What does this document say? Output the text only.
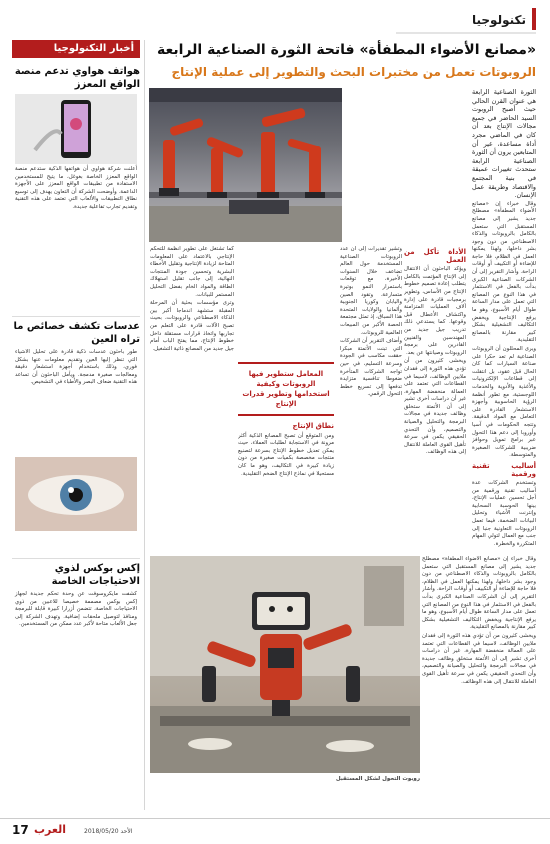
تكنولوجيا
«مصانع الأضواء المطفأة» فاتحة الثورة الصناعية الرابعة
الروبوتات تعمل من مختبرات البحث والتطوير إلى عملية الإنتاج

الثورة الصناعية الرابعة هي عنوان القرن الحالي حيث أصبح الروبوت السيد الحاضر في جميع مجالات الإنتاج بعد أن كان في الماضي مجرد أداة مساعدة، غير أن المتابعين يرون أن الثورة الصناعية الرابعة ستحدث تغييرات عميقة في بنية المجتمع والاقتصاد وطريقة عمل الإنسان.

وقال خبراء إن «مصانع الأضواء المطفأة» مصطلح جديد يشير إلى مصانع المستقبل التي ستعمل بالكامل بالروبوتات والذكاء الاصطناعي من دون وجود بشر داخلها، ولهذا يمكنها العمل في الظلام، فلا حاجة للإضاءة أو التكييف أو أوقات الراحة. وأشار التقرير إلى أن الشركات الصناعية الكبرى بدأت بالفعل في الاستثمار في هذا النوع من المصانع التي تعمل على مدار الساعة طوال أيام الأسبوع، وهو ما يرفع الإنتاجية ويخفض التكاليف التشغيلية بشكل كبير مقارنة بالمصانع التقليدية.

ويرى المحللون أن الروبوتات الصناعية لم تعد حكرا على صناعة السيارات كما كان الحال قبل عقود، بل انتقلت إلى قطاعات الإلكترونيات والأغذية والأدوية والخدمات اللوجستية، مع تطور أنظمة الرؤية الحاسوبية وأجهزة الاستشعار القادرة على التعامل مع المواد الدقيقة. وتتجه الحكومات في آسيا وأوروبا إلى دعم هذا التحول عبر برامج تمويل وحوافز ضريبية للشركات الصغيرة والمتوسطة.

أساليب تقنية ورقمية

وتستخدم الشركات عدة أساليب تقنية ورقمية من أجل تحسين عمليات الإنتاج، بينها الحوسبة السحابية وإنترنت الأشياء وتحليل البيانات الضخمة، فيما تعمل الروبوتات التعاونية جنبا إلى جنب مع العمال لتولي المهام المتكررة والخطرة.

الأداة تأكل من العمل

ويؤكد الباحثون أن الانتقال إلى الإنتاج المؤتمت بالكامل يتطلب إعادة تصميم خطوط الإنتاج من الأساس، وتطوير برمجيات قادرة على إدارة آلاف العمليات المتزامنة واكتشاف الأعطال قبل وقوعها. كما يستدعي ذلك تدريب جيل جديد من المهندسين والفنيين القادرين على برمجة الروبوتات وصيانتها عن بعد.

ويخشى كثيرون من أن تؤدي هذه الثورة إلى فقدان ملايين الوظائف، لاسيما في القطاعات التي تعتمد على العمالة منخفضة المهارة، غير أن دراسات أخرى تشير إلى أن الأتمتة ستخلق وظائف جديدة في مجالات البرمجة والتحليل والصيانة والتصميم، وأن التحدي الحقيقي يكمن في سرعة تأهيل القوى العاملة للانتقال إلى هذه الوظائف.

وتشير تقديرات إلى أن عدد الروبوتات الصناعية المستخدمة حول العالم تضاعف خلال السنوات الأخيرة، مع توقعات باستمرار النمو بوتيرة متسارعة. وتقود الصين واليابان وكوريا الجنوبية وألمانيا والولايات المتحدة هذا السباق، إذ تمثل مجتمعة الحصة الأكبر من المبيعات العالمية للروبوتات.

وأضاف التقرير أن الشركات التي تبنت الأتمتة مبكرا حققت مكاسب في الجودة وسرعة التسليم، في حين تواجه الشركات المتأخرة ضغوطا تنافسية متزايدة تدفعها إلى تسريع خطط التحول الرقمي.

المعامل ستطوير فيها الروبوتات وكيفية استخدامها وتطوير قدرات الإنتاج

نطاق الإنتاج

ومن المتوقع أن تصبح المصانع الذكية أكثر مرونة في الاستجابة لطلبات العملاء، حيث يمكن تعديل خطوط الإنتاج بسرعة لتصنيع منتجات مخصصة بكميات صغيرة من دون زيادة كبيرة في التكاليف، وهو ما كان مستحيلا في نماذج الإنتاج الضخم التقليدية.

كما تشتغل على تطوير أنظمة للتحكم الإنتاجي بالاعتماد على المعلومات المتاحة لزيادة الإنتاجية وتقليل الأخطاء البشرية وتحسين جودة المنتجات النهائية، إلى جانب تقليل استهلاك الطاقة والمواد الخام بفضل التحليل المستمر للبيانات.

وترى مؤسسات بحثية أن المرحلة المقبلة ستشهد اندماجا أكبر بين الذكاء الاصطناعي والروبوتات، بحيث تصبح الآلات قادرة على التعلم من تجاربها واتخاذ قرارات مستقلة داخل خطوط الإنتاج، مما يفتح الباب أمام جيل جديد من المصانع ذاتية التشغيل.

وقال خبراء إن «مصانع الأضواء المطفأة» مصطلح جديد يشير إلى مصانع المستقبل التي ستعمل بالكامل بالروبوتات والذكاء الاصطناعي من دون وجود بشر داخلها، ولهذا يمكنها العمل في الظلام، فلا حاجة للإضاءة أو التكييف أو أوقات الراحة. وأشار التقرير إلى أن الشركات الصناعية الكبرى بدأت بالفعل في الاستثمار في هذا النوع من المصانع التي تعمل على مدار الساعة طوال أيام الأسبوع، وهو ما يرفع الإنتاجية ويخفض التكاليف التشغيلية بشكل كبير مقارنة بالمصانع التقليدية.

ويخشى كثيرون من أن تؤدي هذه الثورة إلى فقدان ملايين الوظائف، لاسيما في القطاعات التي تعتمد على العمالة منخفضة المهارة، غير أن دراسات أخرى تشير إلى أن الأتمتة ستخلق وظائف جديدة في مجالات البرمجة والتحليل والصيانة والتصميم، وأن التحدي الحقيقي يكمن في سرعة تأهيل القوى العاملة للانتقال إلى هذه الوظائف.

روبوت التحول لشكل المستقبل
أخبار التكنولوجيا
هواتف هواوي تدعم منصة الواقع المعزز
أعلنت شركة هواوي أن هواتفها الذكية ستدعم منصة الواقع المعزز الخاصة بغوغل، ما يتيح للمستخدمين الاستفادة من تطبيقات الواقع المعزز على الأجهزة الداعمة. وأوضحت الشركة أن التعاون يهدف إلى توسيع نطاق التطبيقات والألعاب التي تعتمد على هذه التقنية وتقديم تجارب تفاعلية جديدة.
عدسات تكشف خصائص ما تراه العين
طور باحثون عدسات ذكية قادرة على تحليل الأشياء التي تنظر إليها العين وتقديم معلومات عنها بشكل فوري، وذلك باستخدام أجهزة استشعار دقيقة ومعالجات صغيرة مدمجة. ويأمل الباحثون أن تساعد هذه التقنية ضعاف البصر والأطباء في التشخيص.
إكس بوكس لذوي الاحتياجات الخاصة
كشفت مايكروسوفت عن وحدة تحكم جديدة لجهاز إكس بوكس مصممة خصيصا للاعبين من ذوي الاحتياجات الخاصة، تتضمن أزرارا كبيرة قابلة للبرمجة ومنافذ لتوصيل ملحقات إضافية. وتهدف الشركة إلى جعل الألعاب متاحة لأكبر عدد ممكن من المستخدمين.
17 العرب	الأحد 2018/05/20
